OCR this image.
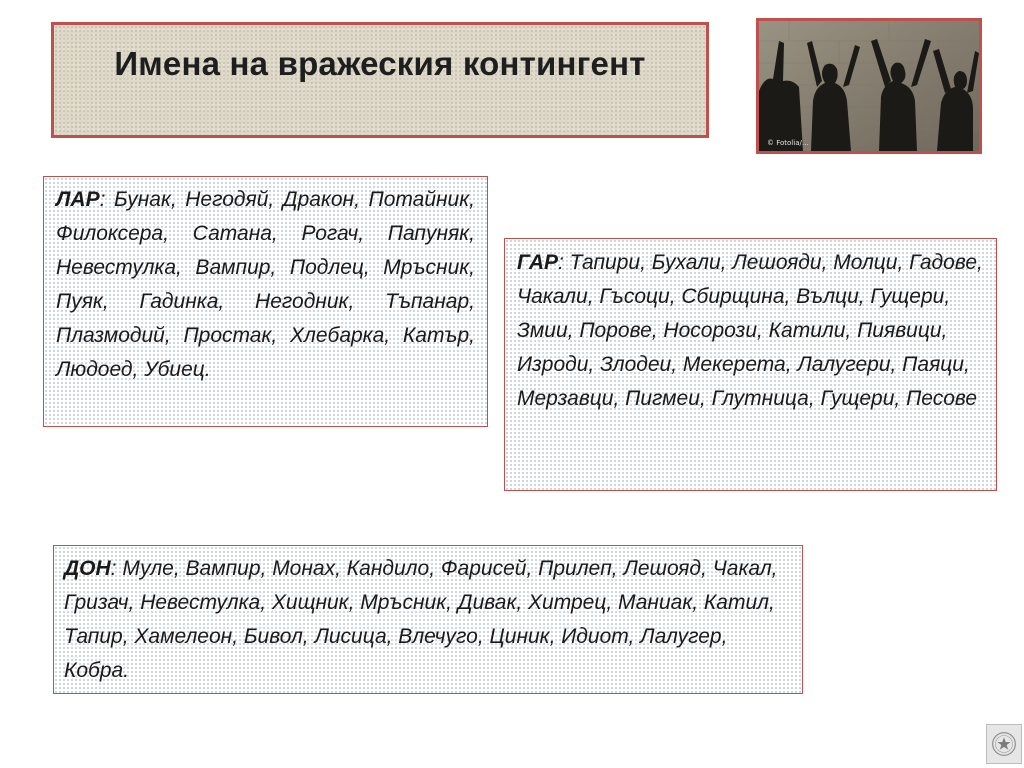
Имена на вражеския контингент
© Fotolia/…
ЛАР: Бунак, Негодяй, Дракон, Потайник, Филоксера, Сатана, Рогач, Папуняк, Невестулка, Вампир, Подлец, Мръсник, Пуяк, Гадинка, Негодник, Тъпанар, Плазмодий, Простак, Хлебарка, Катър, Людоед, Убиец.
ГАР: Тапири, Бухали, Лешояди, Молци, Гадове, Чакали, Гъсоци, Сбирщина, Вълци, Гущери, Змии, Порове, Носорози, Катили, Пиявици, Изроди, Злодеи, Мекерета, Лалугери, Паяци, Мерзавци, Пигмеи, Глутница, Гущери, Песове
ДОН: Муле, Вампир, Монах, Кандило, Фарисей, Прилеп, Лешояд, Чакал, Гризач, Невестулка, Хищник, Мръсник, Дивак, Хитрец, Маниак, Катил, Тапир, Хамелеон, Бивол, Лисица, Влечуго, Циник, Идиот, Лалугер, Кобра.
